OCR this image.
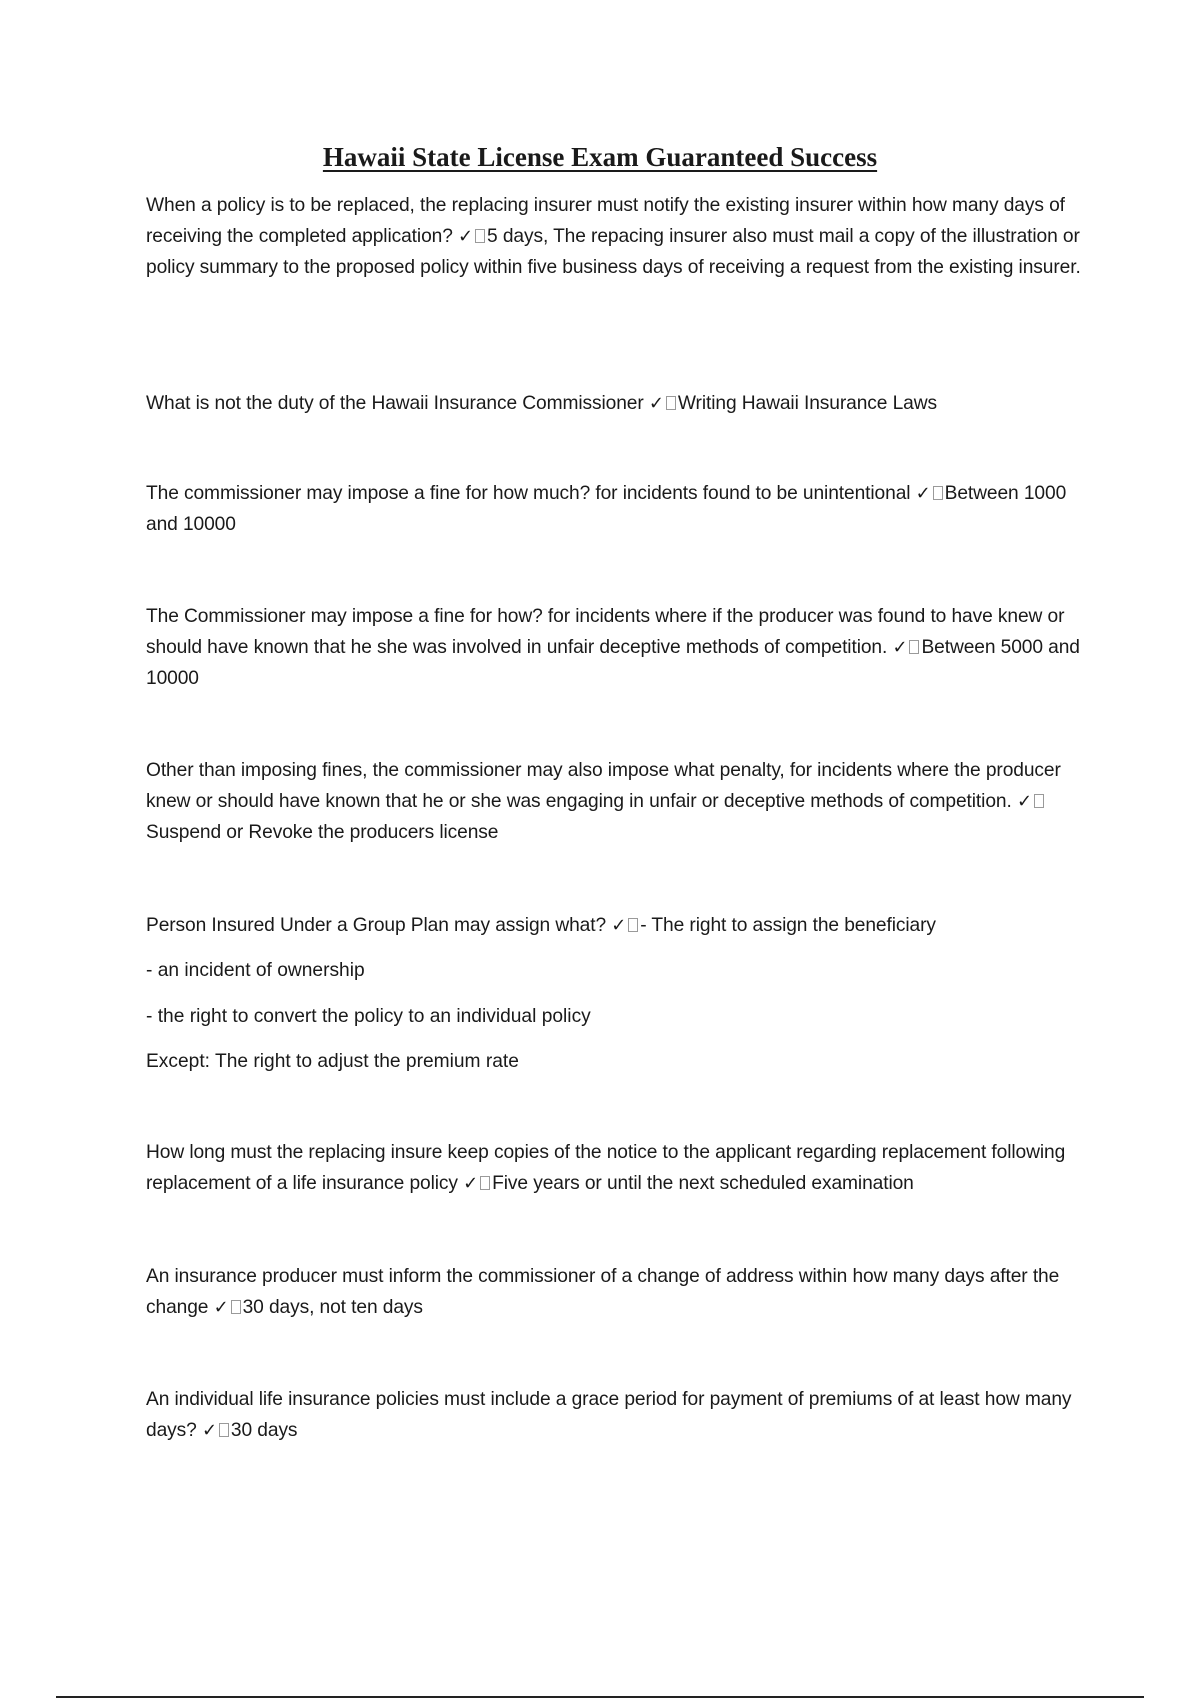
Hawaii State License Exam Guaranteed Success

When a policy is to be replaced, the replacing insurer must notify the existing insurer within how many days of receiving the completed application? ✓ 5 days, The repacing insurer also must mail a copy of the illustration or policy summary to the proposed policy within five business days of receiving a request from the existing insurer.

What is not the duty of the Hawaii Insurance Commissioner ✓ Writing Hawaii Insurance Laws

The commissioner may impose a fine for how much? for incidents found to be unintentional ✓ Between 1000 and 10000

The Commissioner may impose a fine for how? for incidents where if the producer was found to have knew or should have known that he she was involved in unfair deceptive methods of competition. ✓ Between 5000 and 10000

Other than imposing fines, the commissioner may also impose what penalty, for incidents where the producer knew or should have known that he or she was engaging in unfair or deceptive methods of competition. ✓Suspend or Revoke the producers license

Person Insured Under a Group Plan may assign what? ✓ - The right to assign the beneficiary

- an incident of ownership

- the right to convert the policy to an individual policy

Except: The right to adjust the premium rate

How long must the replacing insure keep copies of the notice to the applicant regarding replacement following replacement of a life insurance policy ✓ Five years or until the next scheduled examination

An insurance producer must inform the commissioner of a change of address within how many days after the change ✓ 30 days, not ten days

An individual life insurance policies must include a grace period for payment of premiums of at least how many days? ✓ 30 days
